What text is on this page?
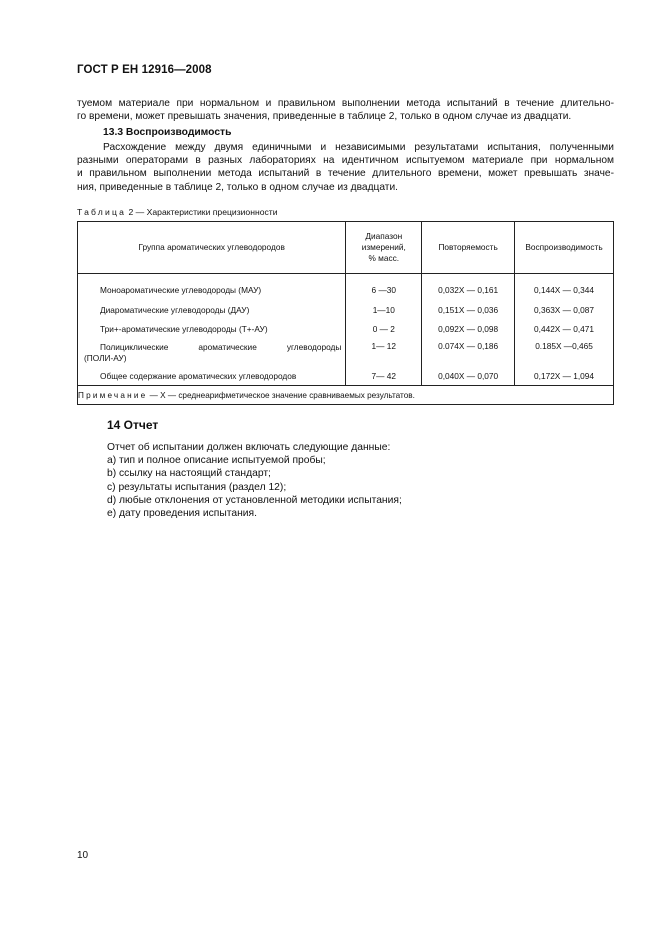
ГОСТ Р ЕН 12916—2008
туемом материале при нормальном и правильном выполнении метода испытаний в течение длительно-
го времени, может превышать значения, приведенные в таблице 2, только в одном случае из двадцати.
13.3 Воспроизводимость
Расхождение между двумя единичными и независимыми результатами испытания, полученными
разными операторами в разных лабораториях на идентичном испытуемом материале при нормальном
и правильном выполнении метода испытаний в течение длительного времени, может превышать значе-
ния, приведенные в таблице 2, только в одном случае из двадцати.
Таблица 2 — Характеристики прецизионности
Группа ароматических углеводородов	Диапазон
измерений,
% масс.	Повторяемость	Воспроизводимость
Моноароматические углеводороды (МАУ)	6 —30	0,032X — 0,161	0,144X — 0,344
Диароматические углеводороды (ДАУ)	1—10	0,151X — 0,036	0,363X — 0,087
Три+-ароматические углеводороды (Т+-АУ)	0 — 2	0,092X — 0,098	0,442X — 0,471

Полициклические ароматические углеводороды
(ПОЛИ-АУ)	1— 12	0.074X — 0,186	0.185X —0,465
Общее содержание ароматических углеводородов	7— 42	0,040X — 0,070	0,172X — 1,094
Примечание — X — среднеарифметическое значение сравниваемых результатов.			
14 Отчет
Отчет об испытании должен включать следующие данные:
a) тип и полное описание испытуемой пробы;
b) ссылку на настоящий стандарт;
c) результаты испытания (раздел 12);
d) любые отклонения от установленной методики испытания;
e) дату проведения испытания.
10
